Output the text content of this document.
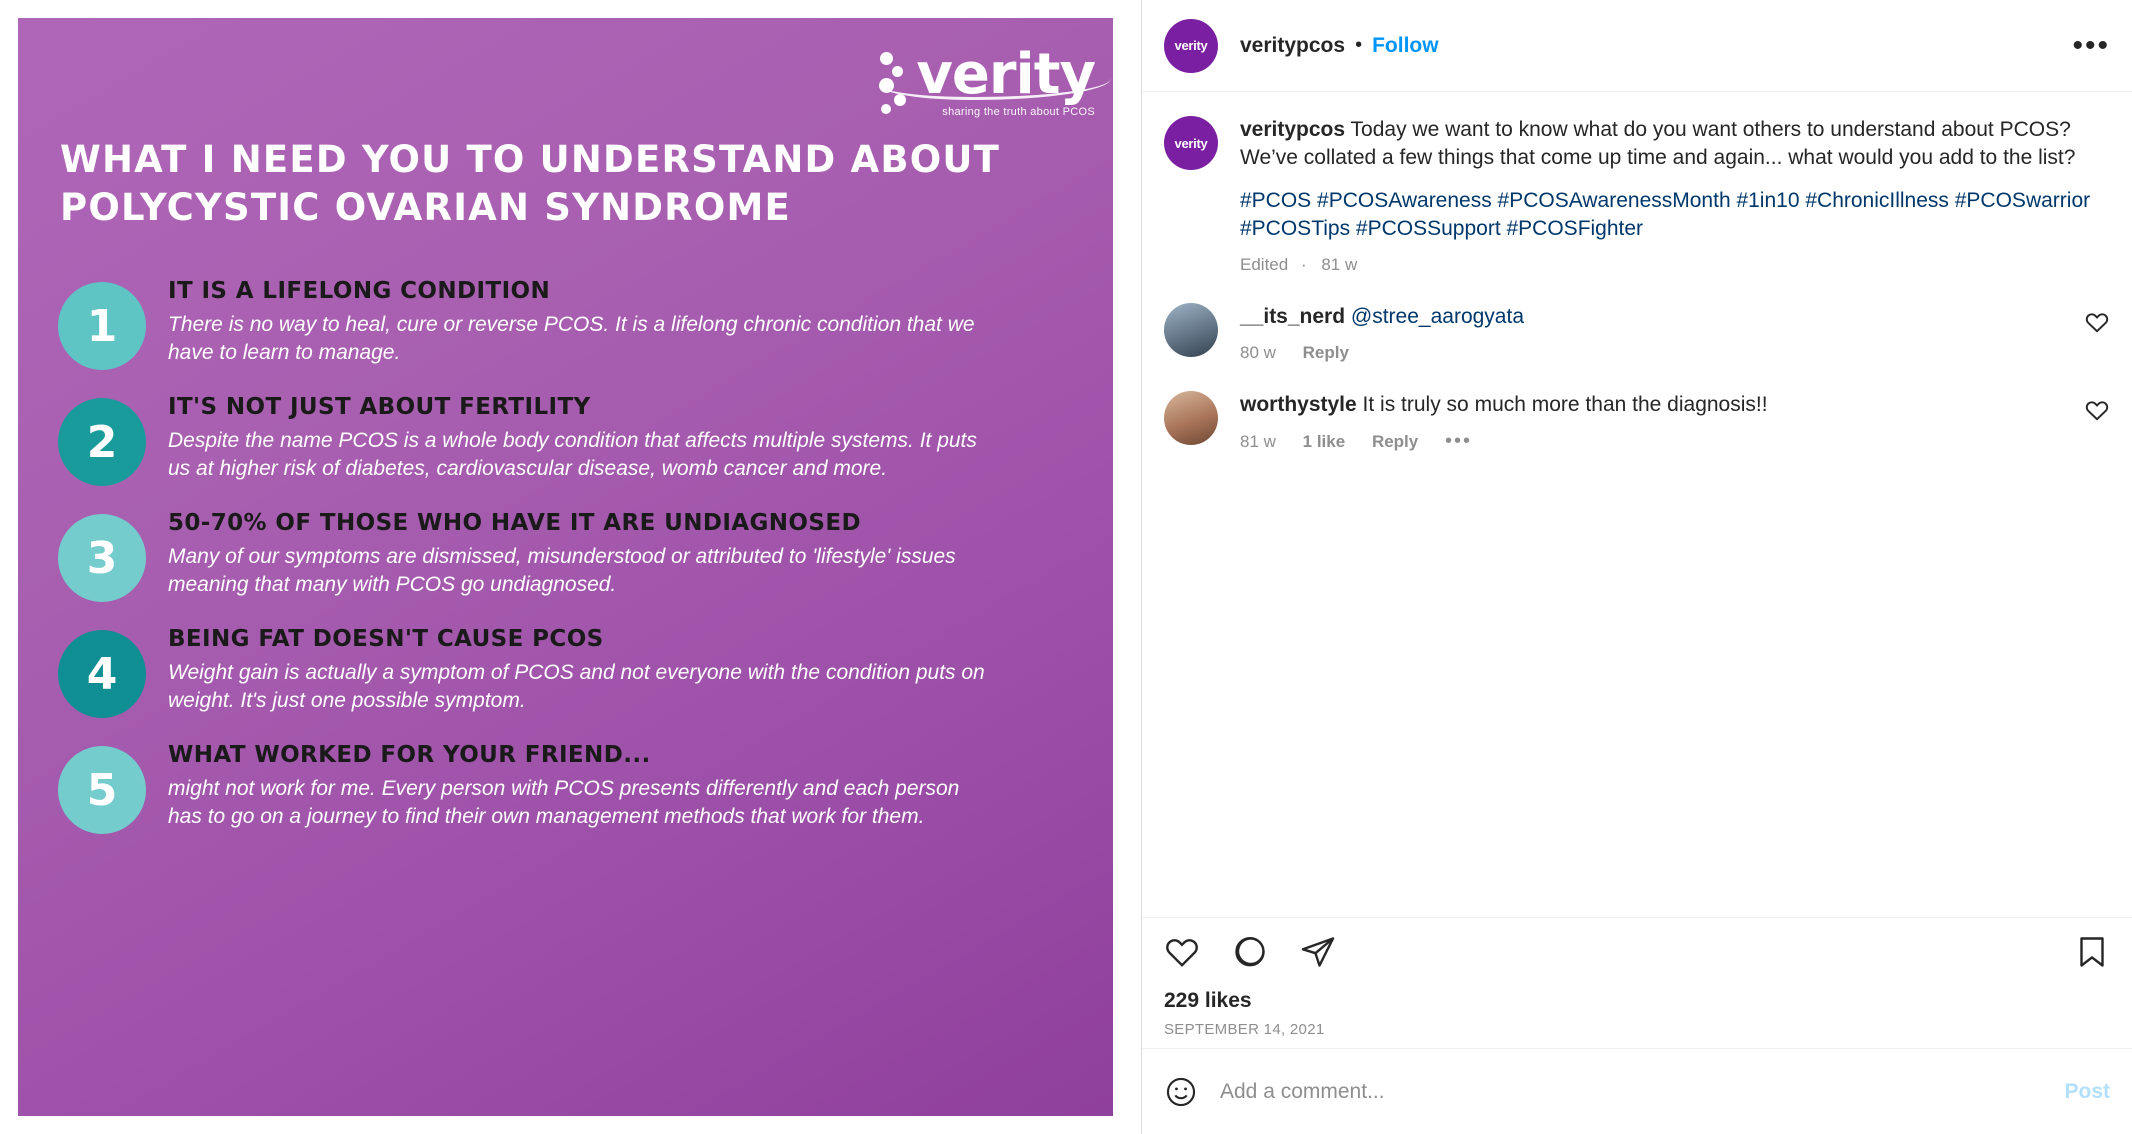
verity
sharing the truth about PCOS
WHAT I NEED YOU TO UNDERSTAND ABOUT POLYCYSTIC OVARIAN SYNDROME
1
IT IS A LIFELONG CONDITION
There is no way to heal, cure or reverse PCOS. It is a lifelong chronic condition that we have to learn to manage.
2
IT'S NOT JUST ABOUT FERTILITY
Despite the name PCOS is a whole body condition that affects multiple systems. It puts us at higher risk of diabetes, cardiovascular disease, womb cancer and more.
3
50-70% OF THOSE WHO HAVE IT ARE UNDIAGNOSED
Many of our symptoms are dismissed, misunderstood or attributed to 'lifestyle' issues meaning that many with PCOS go undiagnosed.
4
BEING FAT DOESN'T CAUSE PCOS
Weight gain is actually a symptom of PCOS and not everyone with the condition puts on weight. It's just one possible symptom.
5
WHAT WORKED FOR YOUR FRIEND...
might not work for me. Every person with PCOS presents differently and each person has to go on a journey to find their own management methods that work for them.
verity	veritypcos • Follow	•••
verity
veritypcos Today we want to know what do you want others to understand about PCOS? We’ve collated a few things that come up time and again... what would you add to the list?
#PCOS #PCOSAwareness #PCOSAwarenessMonth #1in10 #ChronicIllness #PCOSwarrior #PCOSTips #PCOSSupport #PCOSFighter
Edited · 81 w
__its_nerd @stree_aarogyata
80 w Reply
worthystyle It is truly so much more than the diagnosis!!
81 w 1 like Reply •••
229 likes
SEPTEMBER 14, 2021
Add a comment...
Post
